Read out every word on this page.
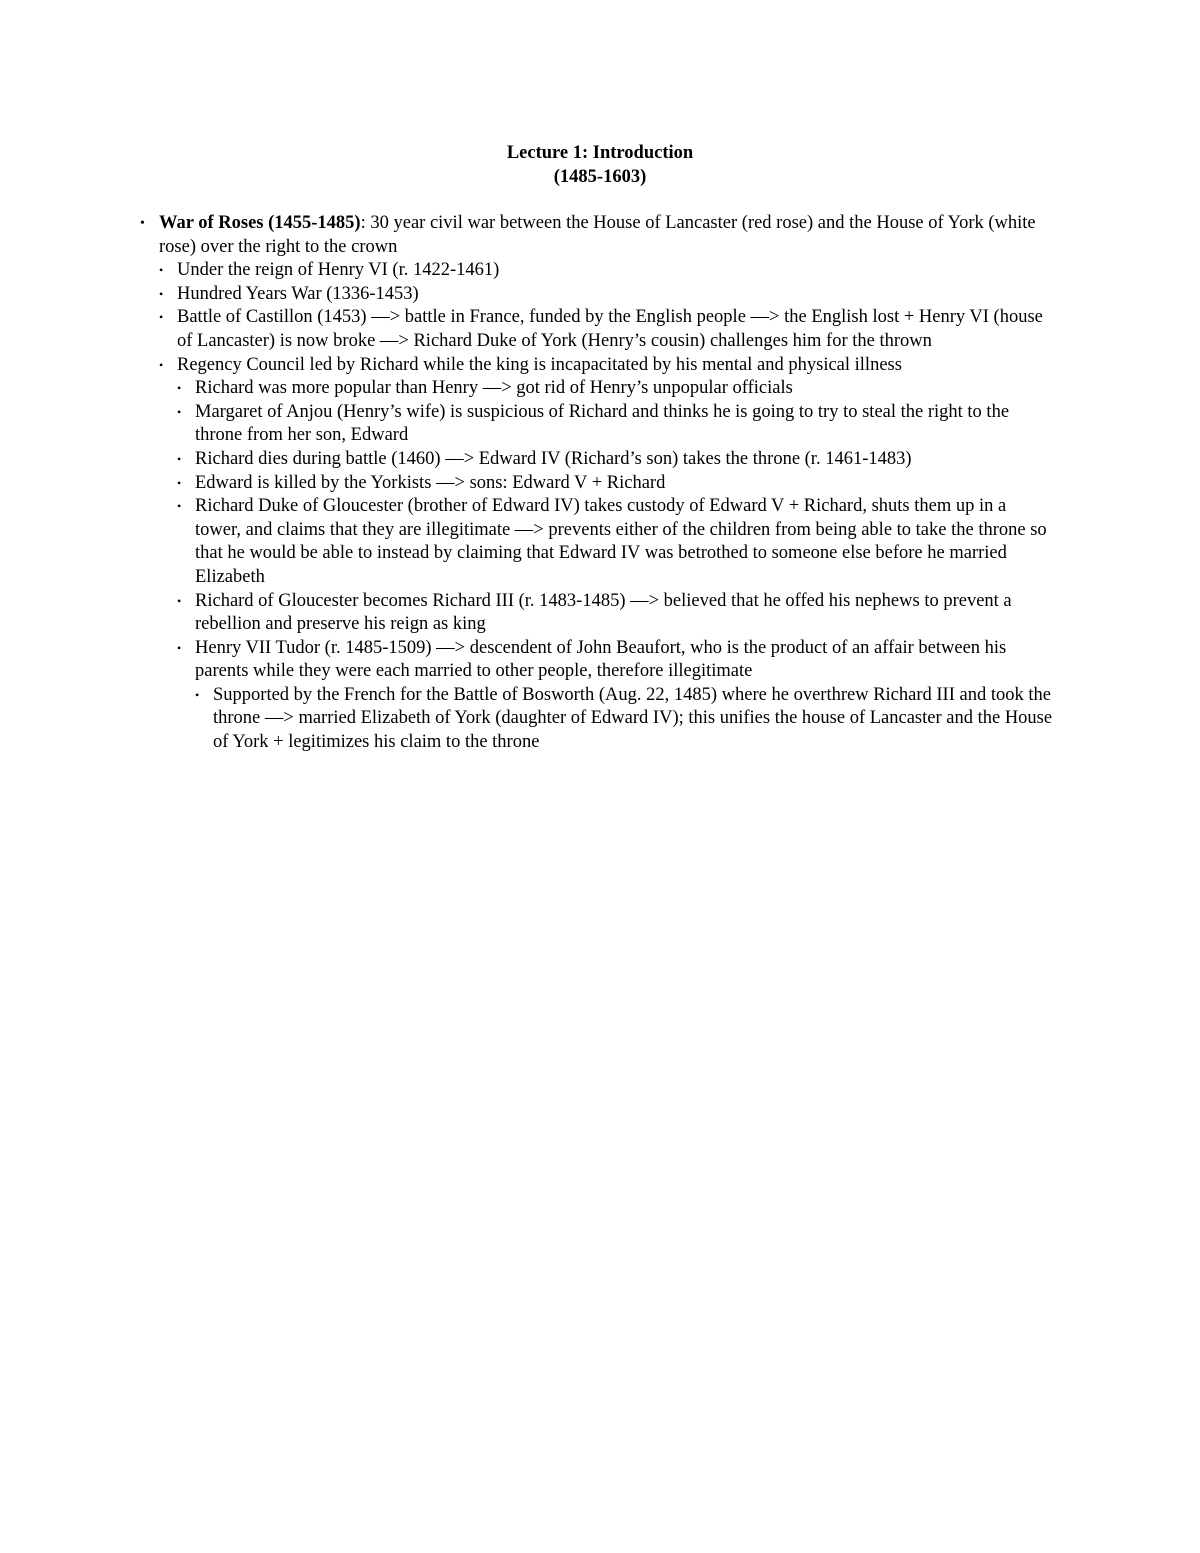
Lecture 1: Introduction
(1485-1603)
• War of Roses (1455-1485): 30 year civil war between the House of Lancaster (red rose) and the House of York (white rose) over the right to the crown
• Under the reign of Henry VI (r. 1422-1461)
• Hundred Years War (1336-1453)
• Battle of Castillon (1453) —> battle in France, funded by the English people —> the English lost + Henry VI (house of Lancaster) is now broke —> Richard Duke of York (Henry’s cousin) challenges him for the thrown
• Regency Council led by Richard while the king is incapacitated by his mental and physical illness
• Richard was more popular than Henry —> got rid of Henry’s unpopular officials
• Margaret of Anjou (Henry’s wife) is suspicious of Richard and thinks he is going to try to steal the right to the throne from her son, Edward
• Richard dies during battle (1460) —> Edward IV (Richard’s son) takes the throne (r. 1461-1483)
• Edward is killed by the Yorkists —> sons: Edward V + Richard
• Richard Duke of Gloucester (brother of Edward IV) takes custody of Edward V + Richard, shuts them up in a tower, and claims that they are illegitimate —> prevents either of the children from being able to take the throne so that he would be able to instead by claiming that Edward IV was betrothed to someone else before he married Elizabeth
• Richard of Gloucester becomes Richard III (r. 1483-1485) —> believed that he offed his nephews to prevent a rebellion and preserve his reign as king
• Henry VII Tudor (r. 1485-1509) —> descendent of John Beaufort, who is the product of an affair between his parents while they were each married to other people, therefore illegitimate
• Supported by the French for the Battle of Bosworth (Aug. 22, 1485) where he overthrew Richard III and took the throne —> married Elizabeth of York (daughter of Edward IV); this unifies the house of Lancaster and the House of York + legitimizes his claim to the throne
